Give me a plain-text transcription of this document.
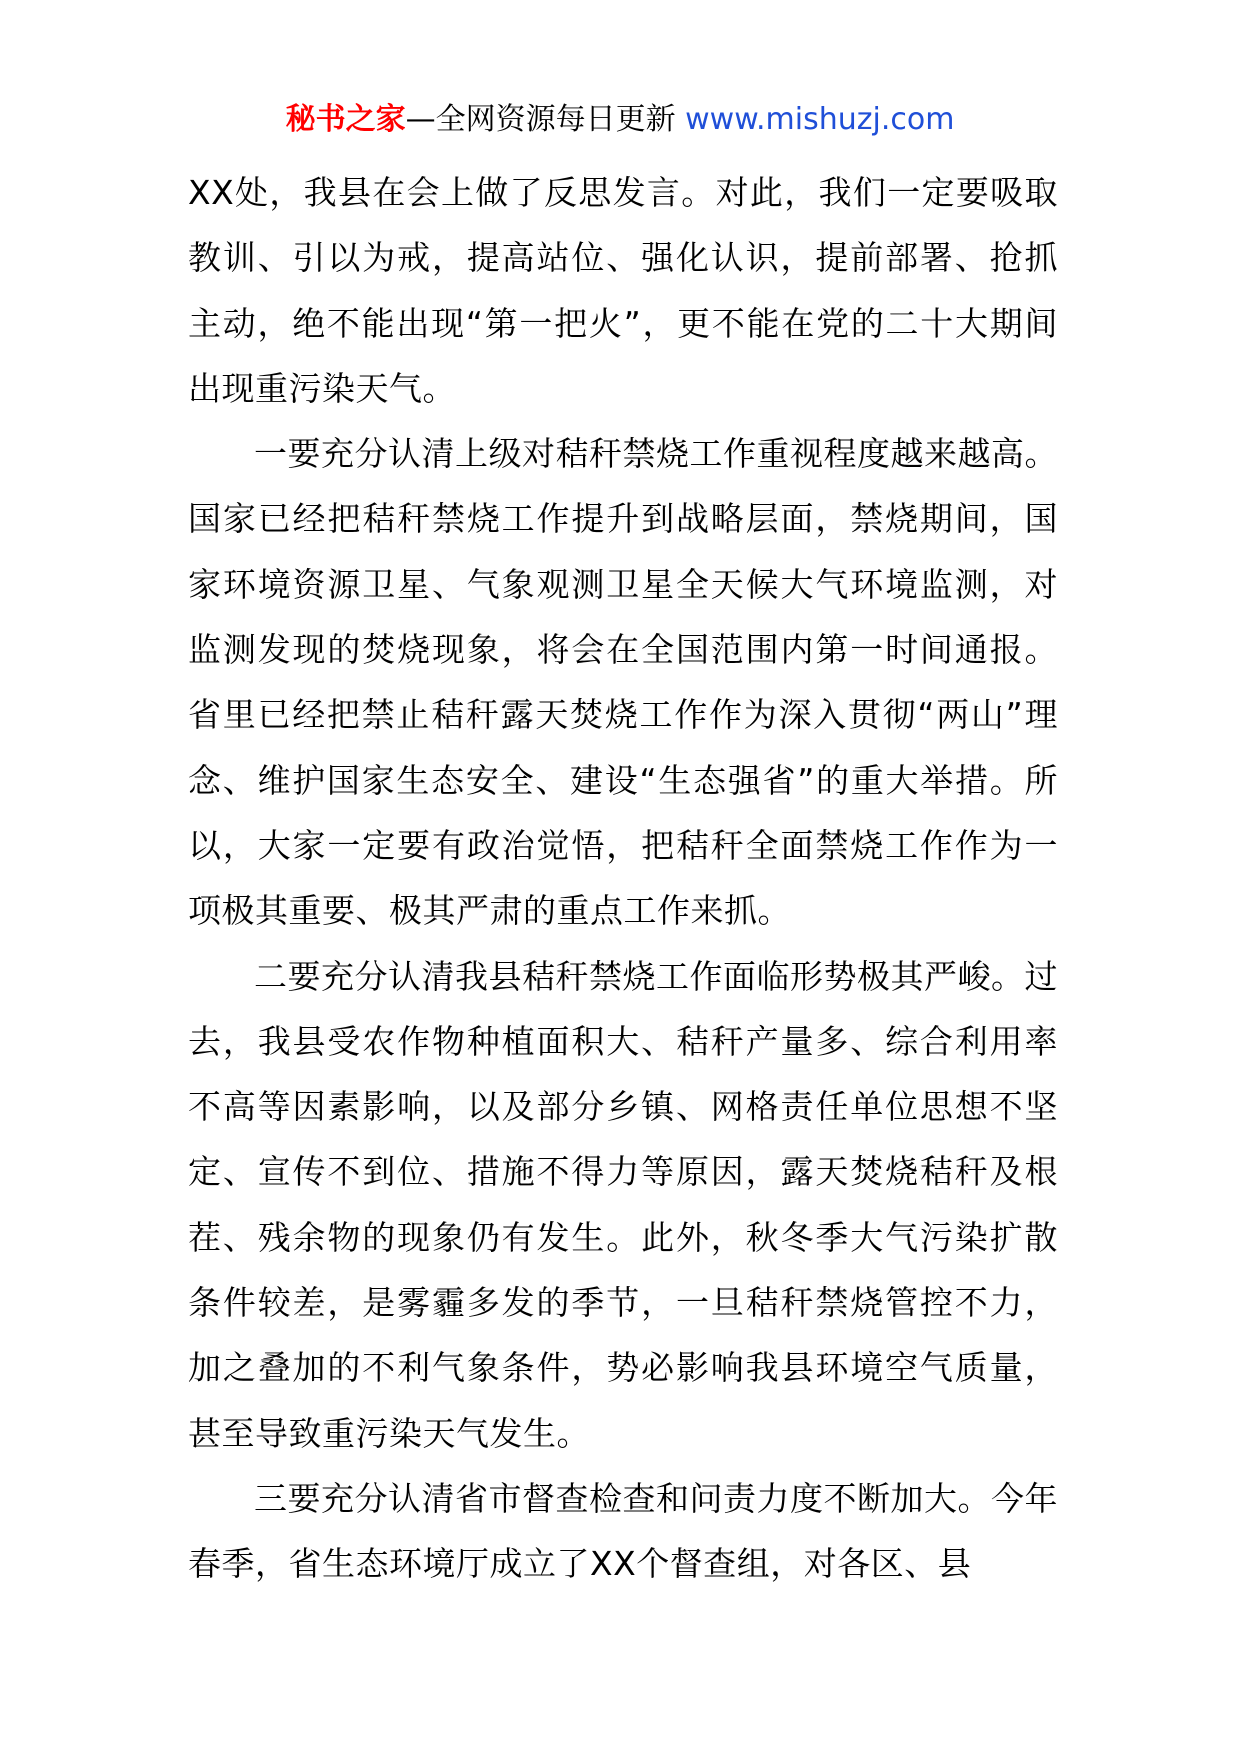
秘书之家—全网资源每日更新 www.mishuzj.com

XX处，我县在会上做了反思发言。对此，我们一定要吸取教训、引以为戒，提高站位、强化认识，提前部署、抢抓主动，绝不能出现“第一把火”，更不能在党的二十大期间出现重污染天气。

一要充分认清上级对秸秆禁烧工作重视程度越来越高。国家已经把秸秆禁烧工作提升到战略层面，禁烧期间，国家环境资源卫星、气象观测卫星全天候大气环境监测，对监测发现的焚烧现象，将会在全国范围内第一时间通报。省里已经把禁止秸秆露天焚烧工作作为深入贯彻“两山”理念、维护国家生态安全、建设“生态强省”的重大举措。所以，大家一定要有政治觉悟，把秸秆全面禁烧工作作为一项极其重要、极其严肃的重点工作来抓。

二要充分认清我县秸秆禁烧工作面临形势极其严峻。过去，我县受农作物种植面积大、秸秆产量多、综合利用率不高等因素影响，以及部分乡镇、网格责任单位思想不坚定、宣传不到位、措施不得力等原因，露天焚烧秸秆及根茬、残余物的现象仍有发生。此外，秋冬季大气污染扩散条件较差，是雾霾多发的季节，一旦秸秆禁烧管控不力，加之叠加的不利气象条件，势必影响我县环境空气质量，甚至导致重污染天气发生。

三要充分认清省市督查检查和问责力度不断加大。今年春季，省生态环境厅成立了XX个督查组，对各区、县
